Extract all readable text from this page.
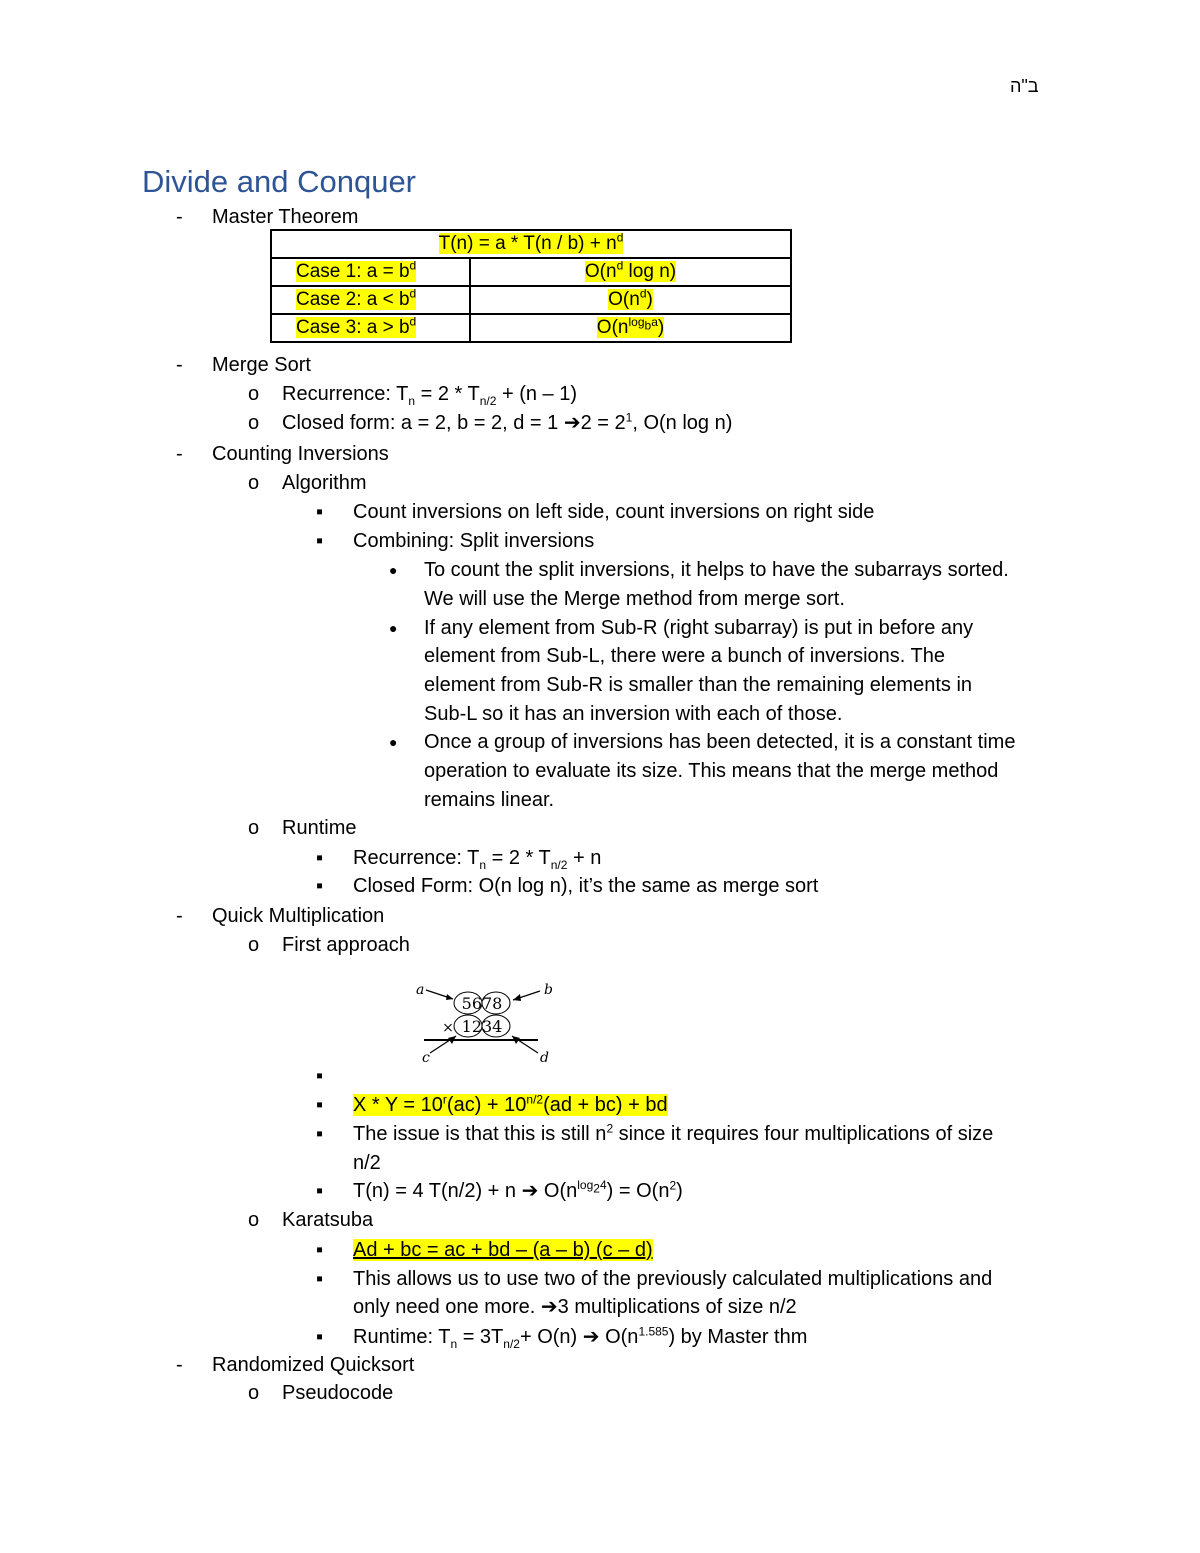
ב"ה
Divide and Conquer
- Master Theorem
$T(n) = a * T(n / b) + n^d$
Case 1: $a = b^d$	$O(n^d$ log n)
Case 2: $a < b^d$	$O(n^d)$
Case 3: $a > b^d$	$O(n^{log_ba})$
- Merge Sort
o Recurrence: $T_n = 2 * T_{n/2} + (n - 1)$
o Closed form: a = 2, b = 2, d = 1 ➔2 = $2^1$, O(n log n)
- Counting Inversions
o Algorithm
▪ Count inversions on left side, count inversions on right side
▪ Combining: Split inversions
● To count the split inversions, it helps to have the subarrays sorted.
We will use the Merge method from merge sort.
● If any element from Sub-R (right subarray) is put in before any
element from Sub-L, there were a bunch of inversions. The
element from Sub-R is smaller than the remaining elements in
Sub-L so it has an inversion with each of those.
● Once a group of inversions has been detected, it is a constant time
operation to evaluate its size. This means that the merge method
remains linear.
o Runtime
▪ Recurrence: $T_n = 2 * T_{n/2} + n$
▪ Closed Form: O(n log n), it’s the same as merge sort
- Quick Multiplication
o First approach
5678
1234
×
a	b
c	d
▪
▪ $X * Y = 10^r(ac) + 10^{n/2}(ad + bc)$ + bd
▪ The issue is that this is still $n^2$ since it requires four multiplications of size
n/2
▪ T(n) = 4 T(n/2) + n ➔ $O(n^{log_24}) = O(n^2)$
o Karatsuba
▪ Ad + bc = ac + bd – (a – b) (c – d)
▪ This allows us to use two of the previously calculated multiplications and
only need one more. ➔3 multiplications of size n/2
▪ Runtime: $T_n = 3T_{n/2}+ O(n)$ ➔ $O(n^{1.585})$ by Master thm
- Randomized Quicksort
o Pseudocode
